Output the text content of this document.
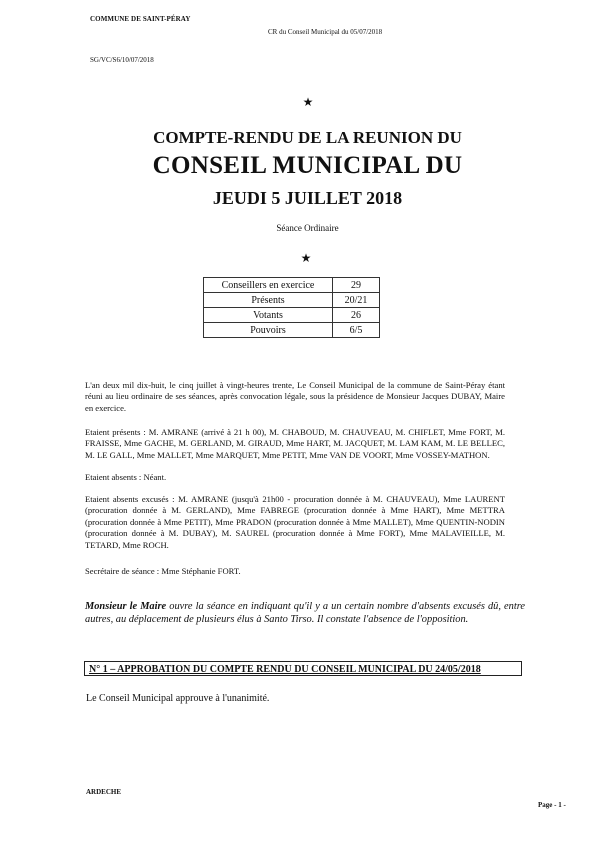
COMMUNE DE SAINT-PÉRAY
CR du Conseil Municipal du 05/07/2018
SG/VC/S6/10/07/2018
★
COMPTE-RENDU DE LA REUNION DU
CONSEIL MUNICIPAL DU
JEUDI 5 JUILLET 2018
Séance Ordinaire
★
Conseillers en exercice	29
Présents	20/21
Votants	26
Pouvoirs	6/5

L'an deux mil dix-huit, le cinq juillet à vingt-heures trente, Le Conseil Municipal de la commune de Saint-Péray étant réuni au lieu ordinaire de ses séances, après convocation légale, sous la présidence de Monsieur Jacques DUBAY, Maire en exercice.

Etaient présents : M. AMRANE (arrivé à 21 h 00), M. CHABOUD, M. CHAUVEAU, M. CHIFLET, Mme FORT, M. FRAISSE, Mme GACHE, M. GERLAND, M. GIRAUD, Mme HART, M. JACQUET, M. LAM KAM, M. LE BELLEC, M. LE GALL, Mme MALLET, Mme MARQUET, Mme PETIT, Mme VAN DE VOORT, Mme VOSSEY-MATHON.

Etaient absents : Néant.

Etaient absents excusés : M. AMRANE (jusqu'à 21h00 - procuration donnée à M. CHAUVEAU), Mme LAURENT (procuration donnée à M. GERLAND), Mme FABREGE (procuration donnée à Mme HART), Mme METTRA (procuration donnée à Mme PETIT), Mme PRADON (procuration donnée à Mme MALLET), Mme QUENTIN-NODIN (procuration donnée à M. DUBAY), M. SAUREL (procuration donnée à Mme FORT), Mme MALAVIEILLE, M. TETARD, Mme ROCH.

Secrétaire de séance : Mme Stéphanie FORT.

Monsieur le Maire ouvre la séance en indiquant qu'il y a un certain nombre d'absents excusés dû, entre autres, au déplacement de plusieurs élus à Santo Tirso. Il constate l'absence de l'opposition.
N° 1 – APPROBATION DU COMPTE RENDU DU CONSEIL MUNICIPAL DU 24/05/2018
Le Conseil Municipal approuve à l'unanimité.
ARDECHE
Page - 1 -
